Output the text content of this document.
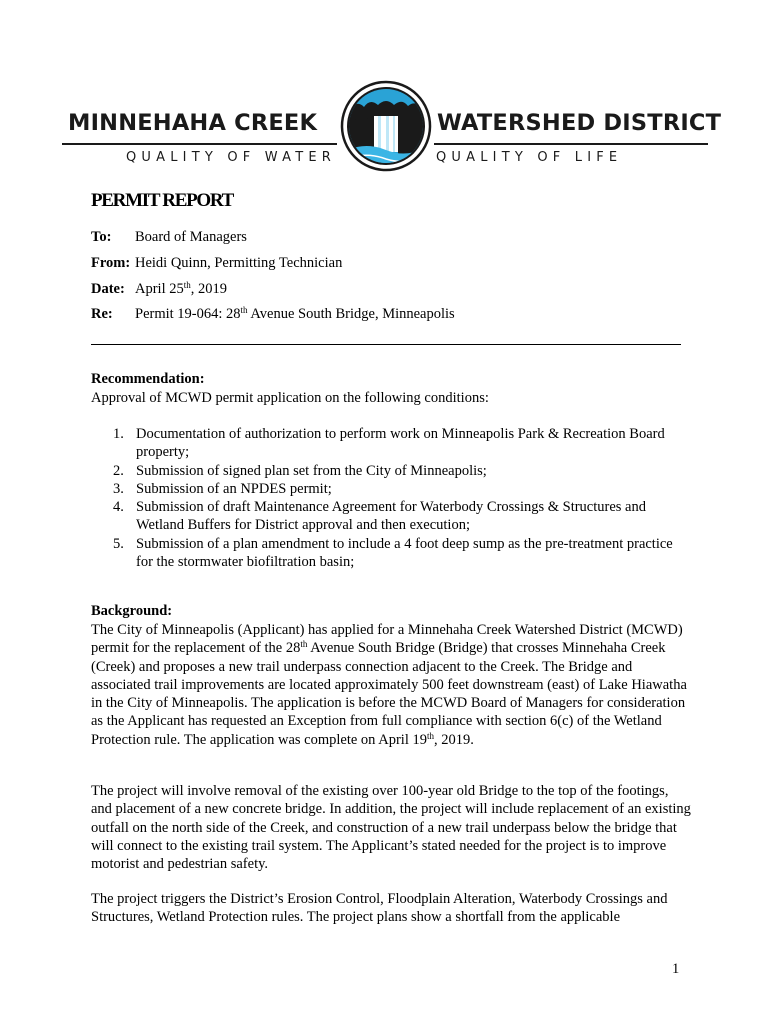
MINNEHAHA CREEK
QUALITY OF WATER
WATERSHED DISTRICT
QUALITY OF LIFE
PERMIT REPORT
To: Board of Managers
From: Heidi Quinn, Permitting Technician
Date: April 25th, 2019
Re: Permit 19-064: 28th Avenue South Bridge, Minneapolis
Recommendation:
Approval of MCWD permit application on the following conditions:
1. Documentation of authorization to perform work on Minneapolis Park & Recreation Board property;
2. Submission of signed plan set from the City of Minneapolis;
3. Submission of an NPDES permit;
4. Submission of draft Maintenance Agreement for Waterbody Crossings & Structures and Wetland Buffers for District approval and then execution;
5. Submission of a plan amendment to include a 4 foot deep sump as the pre-treatment practice for the stormwater biofiltration basin;
Background:
The City of Minneapolis (Applicant) has applied for a Minnehaha Creek Watershed District (MCWD) permit for the replacement of the 28th Avenue South Bridge (Bridge) that crosses Minnehaha Creek (Creek) and proposes a new trail underpass connection adjacent to the Creek. The Bridge and associated trail improvements are located approximately 500 feet downstream (east) of Lake Hiawatha in the City of Minneapolis. The application is before the MCWD Board of Managers for consideration as the Applicant has requested an Exception from full compliance with section 6(c) of the Wetland Protection rule. The application was complete on April 19th, 2019.
The project will involve removal of the existing over 100-year old Bridge to the top of the footings, and placement of a new concrete bridge. In addition, the project will include replacement of an existing outfall on the north side of the Creek, and construction of a new trail underpass below the bridge that will connect to the existing trail system. The Applicant’s stated needed for the project is to improve motorist and pedestrian safety.
The project triggers the District’s Erosion Control, Floodplain Alteration, Waterbody Crossings and Structures, Wetland Protection rules. The project plans show a shortfall from the applicable
1
